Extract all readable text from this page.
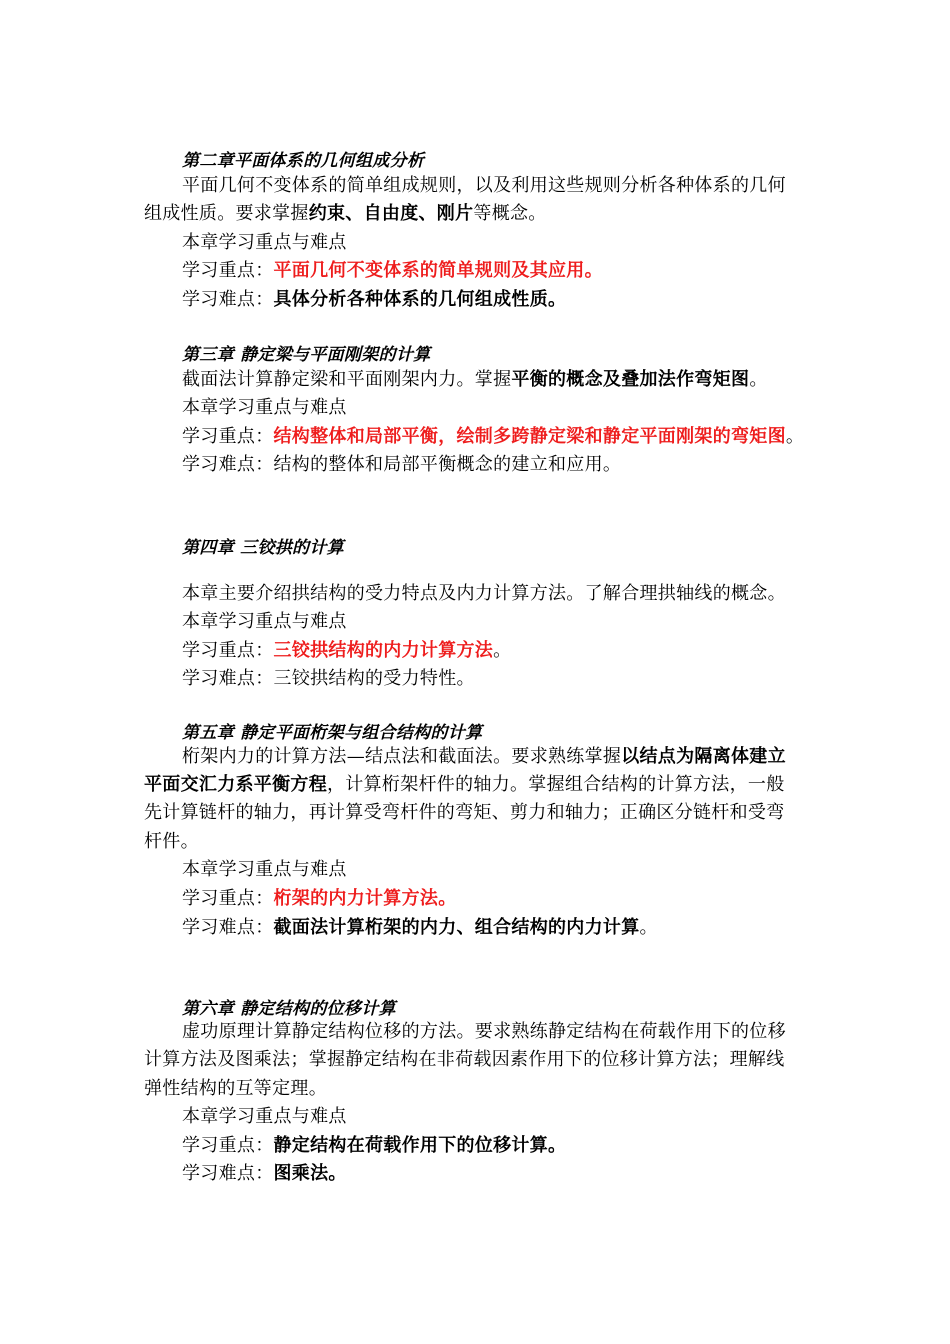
第二章平面体系的几何组成分析
平面几何不变体系的简单组成规则，以及利用这些规则分析各种体系的几何
组成性质。要求掌握约束、自由度、刚片等概念。
本章学习重点与难点
学习重点：平面几何不变体系的简单规则及其应用。
学习难点：具体分析各种体系的几何组成性质。
第三章 静定梁与平面刚架的计算
截面法计算静定梁和平面刚架内力。掌握平衡的概念及叠加法作弯矩图。
本章学习重点与难点
学习重点：结构整体和局部平衡，绘制多跨静定梁和静定平面刚架的弯矩图。
学习难点：结构的整体和局部平衡概念的建立和应用。
第四章 三铰拱的计算
本章主要介绍拱结构的受力特点及内力计算方法。了解合理拱轴线的概念。
本章学习重点与难点
学习重点：三铰拱结构的内力计算方法。
学习难点：三铰拱结构的受力特性。
第五章 静定平面桁架与组合结构的计算
桁架内力的计算方法—结点法和截面法。要求熟练掌握以结点为隔离体建立
平面交汇力系平衡方程，计算桁架杆件的轴力。掌握组合结构的计算方法，一般
先计算链杆的轴力，再计算受弯杆件的弯矩、剪力和轴力；正确区分链杆和受弯
杆件。
本章学习重点与难点
学习重点：桁架的内力计算方法。
学习难点：截面法计算桁架的内力、组合结构的内力计算。
第六章 静定结构的位移计算
虚功原理计算静定结构位移的方法。要求熟练静定结构在荷载作用下的位移
计算方法及图乘法；掌握静定结构在非荷载因素作用下的位移计算方法；理解线
弹性结构的互等定理。
本章学习重点与难点
学习重点：静定结构在荷载作用下的位移计算。
学习难点：图乘法。
